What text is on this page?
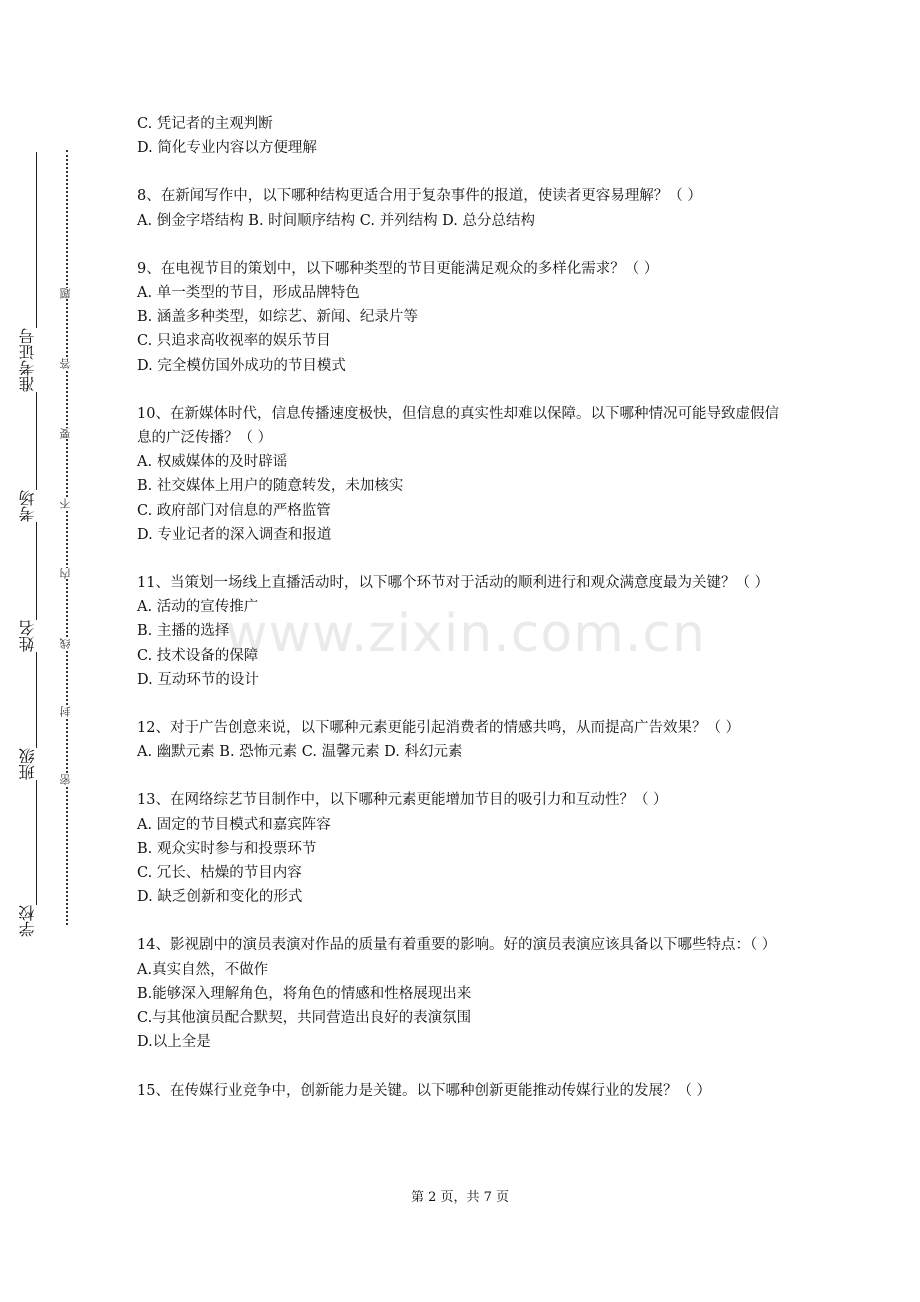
学校
班级
姓名
考场
准考证号
密
封
线
内
不
要
答
题
www.zixin.com.cn
C. 凭记者的主观判断
D. 简化专业内容以方便理解
8、在新闻写作中，以下哪种结构更适合用于复杂事件的报道，使读者更容易理解？（ ）
A. 倒金字塔结构 B. 时间顺序结构 C. 并列结构 D. 总分总结构
9、在电视节目的策划中，以下哪种类型的节目更能满足观众的多样化需求？（ ）
A. 单一类型的节目，形成品牌特色
B. 涵盖多种类型，如综艺、新闻、纪录片等
C. 只追求高收视率的娱乐节目
D. 完全模仿国外成功的节目模式
10、在新媒体时代，信息传播速度极快，但信息的真实性却难以保障。以下哪种情况可能导致虚假信息的广泛传播？（ ）
A. 权威媒体的及时辟谣
B. 社交媒体上用户的随意转发，未加核实
C. 政府部门对信息的严格监管
D. 专业记者的深入调查和报道
11、当策划一场线上直播活动时，以下哪个环节对于活动的顺利进行和观众满意度最为关键？（ ）
A. 活动的宣传推广
B. 主播的选择
C. 技术设备的保障
D. 互动环节的设计
12、对于广告创意来说，以下哪种元素更能引起消费者的情感共鸣，从而提高广告效果？（ ）
A. 幽默元素 B. 恐怖元素 C. 温馨元素 D. 科幻元素
13、在网络综艺节目制作中，以下哪种元素更能增加节目的吸引力和互动性？（ ）
A. 固定的节目模式和嘉宾阵容
B. 观众实时参与和投票环节
C. 冗长、枯燥的节目内容
D. 缺乏创新和变化的形式
14、影视剧中的演员表演对作品的质量有着重要的影响。好的演员表演应该具备以下哪些特点：（ ）
A.真实自然，不做作
B.能够深入理解角色，将角色的情感和性格展现出来
C.与其他演员配合默契，共同营造出良好的表演氛围
D.以上全是
15、在传媒行业竞争中，创新能力是关键。以下哪种创新更能推动传媒行业的发展？（ ）
第 2 页，共 7 页
